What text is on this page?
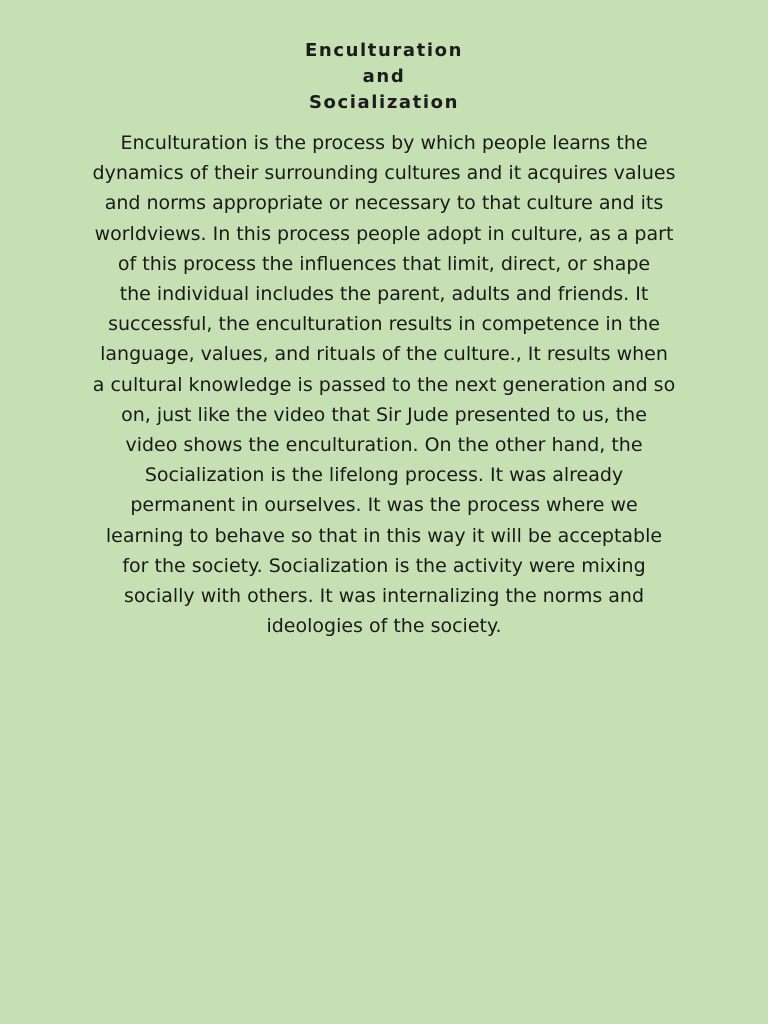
Enculturation
and
Socialization

Enculturation is the process by which people learns the
dynamics of their surrounding cultures and it acquires values
and norms appropriate or necessary to that culture and its
worldviews. In this process people adopt in culture, as a part
of this process the influences that limit, direct, or shape
the individual includes the parent, adults and friends. It
successful, the enculturation results in competence in the
language, values, and rituals of the culture., It results when
a cultural knowledge is passed to the next generation and so
on, just like the video that Sir Jude presented to us, the
video shows the enculturation. On the other hand, the
Socialization is the lifelong process. It was already
permanent in ourselves. It was the process where we
learning to behave so that in this way it will be acceptable
for the society. Socialization is the activity were mixing
socially with others. It was internalizing the norms and
ideologies of the society.
